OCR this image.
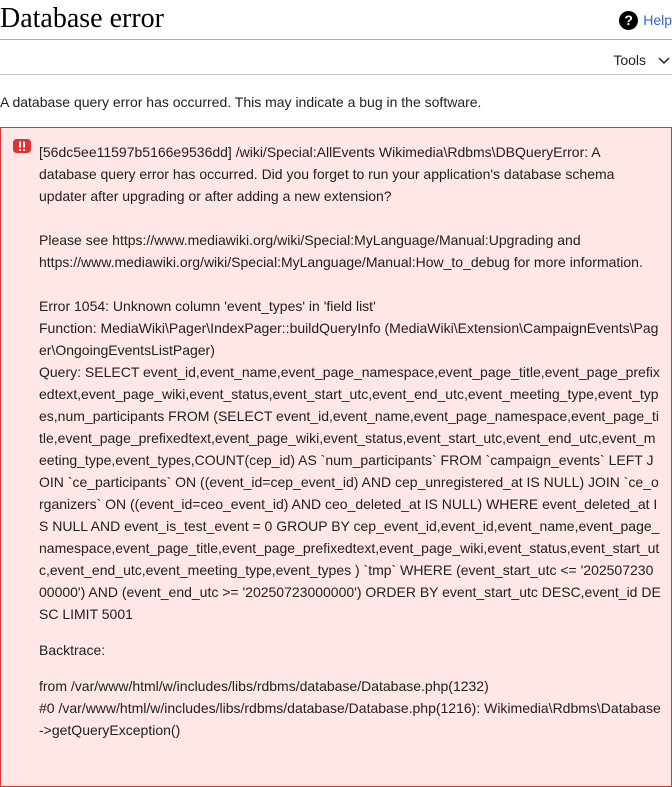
Database error	? Help
Tools

A database query error has occurred. This may indicate a bug in the software.

[56dc5ee11597b5166e9536dd] /wiki/Special:AllEvents Wikimedia\Rdbms\DBQueryError: A database query error has occurred. Did you forget to run your application's database schema updater after upgrading or after adding a new extension?

Please see https://www.mediawiki.org/wiki/Special:MyLanguage/Manual:Upgrading and https://www.mediawiki.org/wiki/Special:MyLanguage/Manual:How_to_debug for more information.

Error 1054: Unknown column 'event_types' in 'field list'
Function: MediaWiki\Pager\IndexPager::buildQueryInfo (MediaWiki\Extension\CampaignEvents\Pager\OngoingEventsListPager)
Query: SELECT event_id,event_name,event_page_namespace,event_page_title,event_page_prefixedtext,event_page_wiki,event_status,event_start_utc,event_end_utc,event_meeting_type,event_types,num_participants FROM (SELECT event_id,event_name,event_page_namespace,event_page_title,event_page_prefixedtext,event_page_wiki,event_status,event_start_utc,event_end_utc,event_meeting_type,event_types,COUNT(cep_id) AS `num_participants` FROM `campaign_events` LEFT JOIN `ce_participants` ON ((event_id=cep_event_id) AND cep_unregistered_at IS NULL) JOIN `ce_organizers` ON ((event_id=ceo_event_id) AND ceo_deleted_at IS NULL) WHERE event_deleted_at IS NULL AND event_is_test_event = 0 GROUP BY cep_event_id,event_id,event_name,event_page_namespace,event_page_title,event_page_prefixedtext,event_page_wiki,event_status,event_start_utc,event_end_utc,event_meeting_type,event_types ) `tmp` WHERE (event_start_utc <= '20250723000000') AND (event_end_utc >= '20250723000000') ORDER BY event_start_utc DESC,event_id DESC LIMIT 5001

Backtrace:

from /var/www/html/w/includes/libs/rdbms/database/Database.php(1232)

#0 /var/www/html/w/includes/libs/rdbms/database/Database.php(1216): Wikimedia\Rdbms\Database->getQueryException()
